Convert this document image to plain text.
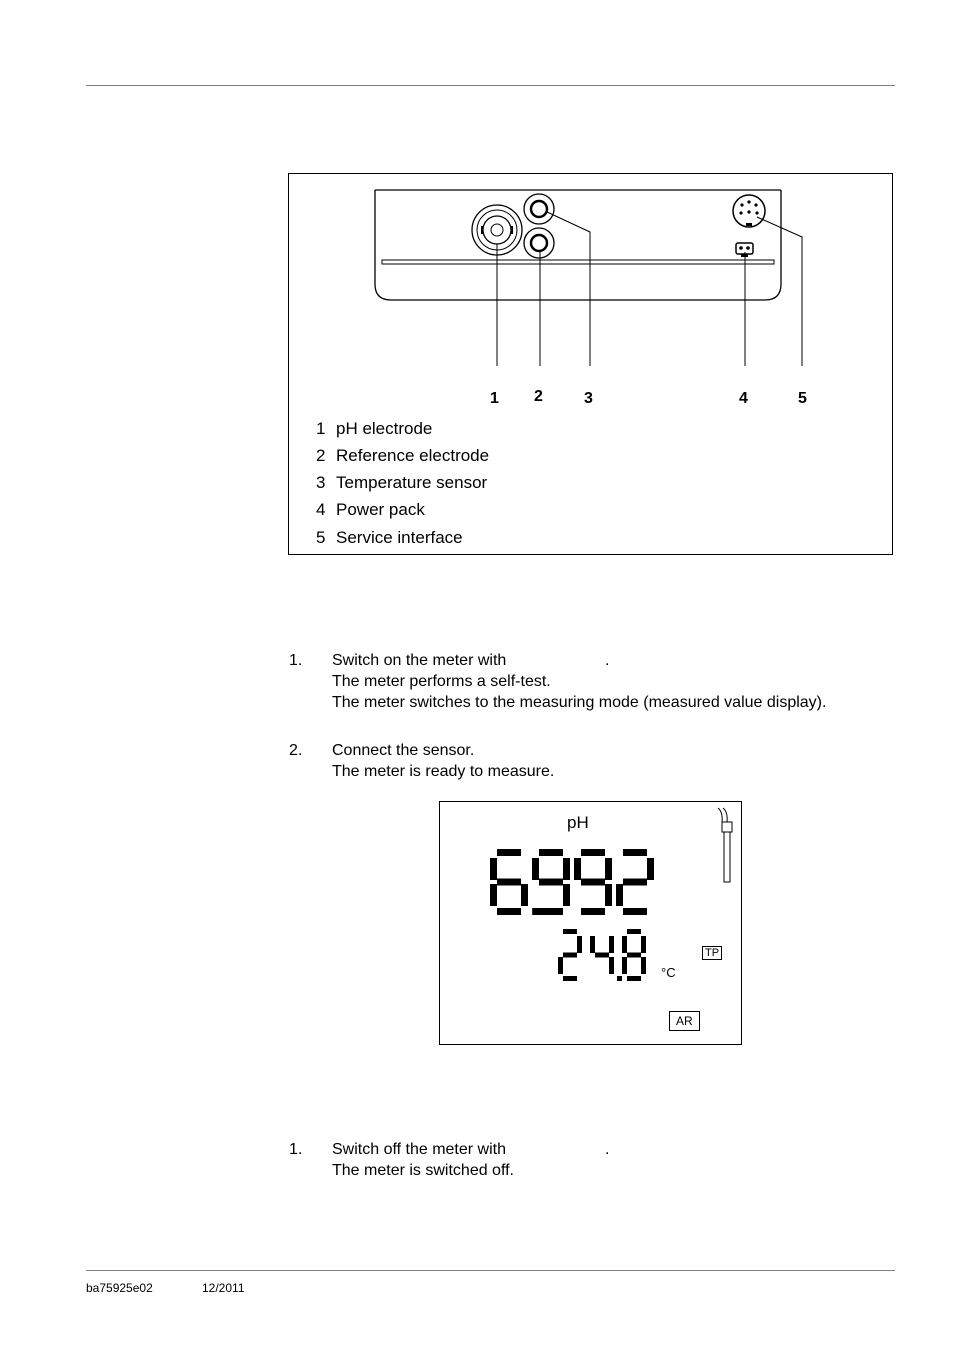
1 2	3	4	5
1 pH electrode
2 Reference electrode
3 Temperature sensor
4 Power pack
5 Service interface
1. Switch on the meter with	.
The meter performs a self-test.
The meter switches to the measuring mode (measured value display).
2. Connect the sensor.
The meter is ready to measure.
pH
TP
°C
AR
1. Switch off the meter with	.
The meter is switched off.
ba75925e02	12/2011
